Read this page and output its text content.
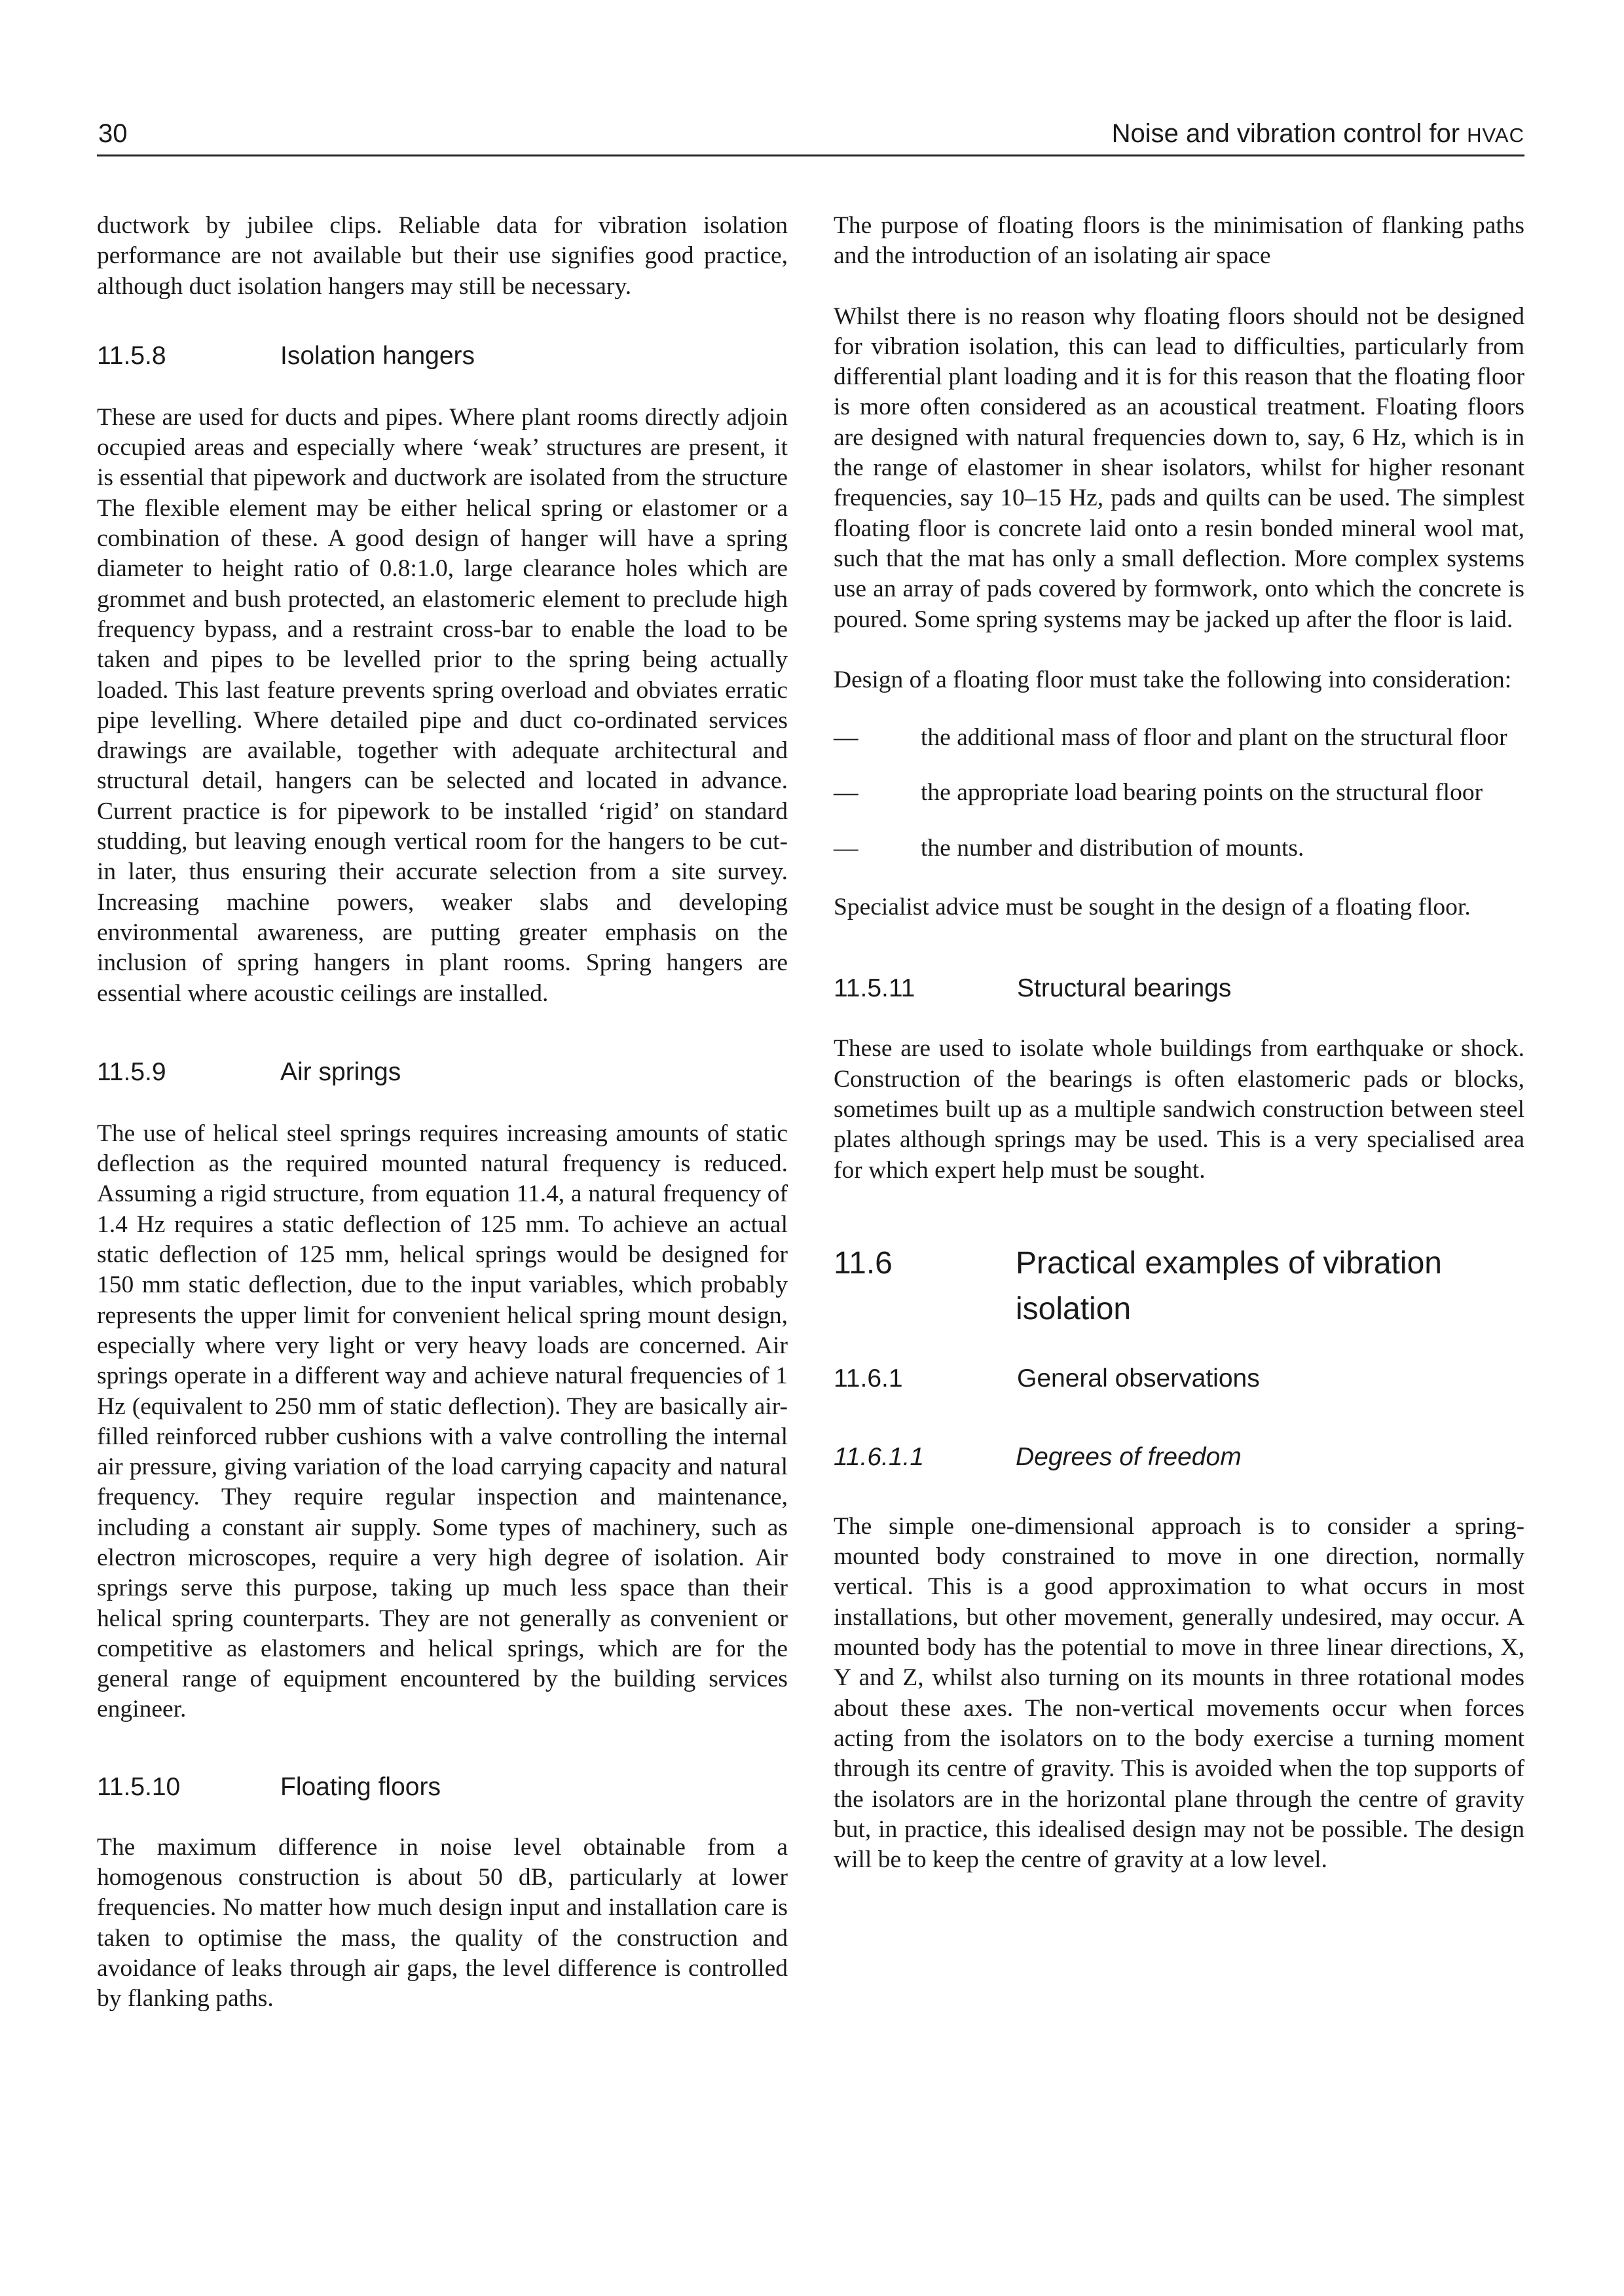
30	Noise and vibration control for HVAC

ductwork by jubilee clips. Reliable data for vibration isolation performance are not available but their use signifies good practice, although duct isolation hangers may still be necessary.

11.5.8	Isolation hangers

These are used for ducts and pipes. Where plant rooms directly adjoin occupied areas and especially where ‘weak’ structures are present, it is essential that pipework and ductwork are isolated from the structure The flexible element may be either helical spring or elastomer or a combination of these. A good design of hanger will have a spring diameter to height ratio of 0.8:1.0, large clearance holes which are grommet and bush protected, an elastomeric element to preclude high frequency bypass, and a restraint cross-bar to enable the load to be taken and pipes to be levelled prior to the spring being actually loaded. This last feature prevents spring overload and obviates erratic pipe levelling. Where detailed pipe and duct co-ordinated services drawings are available, together with adequate architectural and structural detail, hangers can be selected and located in advance. Current practice is for pipework to be installed ‘rigid’ on standard studding, but leaving enough vertical room for the hangers to be cut-in later, thus ensuring their accurate selection from a site survey. Increasing machine powers, weaker slabs and developing environmental awareness, are putting greater emphasis on the inclusion of spring hangers in plant rooms. Spring hangers are essential where acoustic ceilings are installed.

11.5.9	Air springs

The use of helical steel springs requires increasing amounts of static deflection as the required mounted natural frequency is reduced. Assuming a rigid structure, from equation 11.4, a natural frequency of 1.4 Hz requires a static deflection of 125 mm. To achieve an actual static deflection of 125 mm, helical springs would be designed for 150 mm static deflection, due to the input variables, which probably represents the upper limit for convenient helical spring mount design, especially where very light or very heavy loads are concerned. Air springs operate in a different way and achieve natural frequencies of 1 Hz (equivalent to 250 mm of static deflection). They are basically air-filled reinforced rubber cushions with a valve controlling the internal air pressure, giving variation of the load carrying capacity and natural frequency. They require regular inspection and maintenance, including a constant air supply. Some types of machinery, such as electron microscopes, require a very high degree of isolation. Air springs serve this purpose, taking up much less space than their helical spring counterparts. They are not generally as convenient or competitive as elastomers and helical springs, which are for the general range of equipment encountered by the building services engineer.

11.5.10	Floating floors

The maximum difference in noise level obtainable from a homogenous construction is about 50 dB, particularly at lower frequencies. No matter how much design input and installation care is taken to optimise the mass, the quality of the construction and avoidance of leaks through air gaps, the level difference is controlled by flanking paths.

The purpose of floating floors is the minimisation of flanking paths and the introduction of an isolating air space

Whilst there is no reason why floating floors should not be designed for vibration isolation, this can lead to difficulties, particularly from differential plant loading and it is for this reason that the floating floor is more often considered as an acoustical treatment. Floating floors are designed with natural frequencies down to, say, 6 Hz, which is in the range of elastomer in shear isolators, whilst for higher resonant frequencies, say 10–15 Hz, pads and quilts can be used. The simplest floating floor is concrete laid onto a resin bonded mineral wool mat, such that the mat has only a small deflection. More complex systems use an array of pads covered by formwork, onto which the concrete is poured. Some spring systems may be jacked up after the floor is laid.

Design of a floating floor must take the following into consideration:

—	the additional mass of floor and plant on the structural floor
—	the appropriate load bearing points on the structural floor
—	the number and distribution of mounts.

Specialist advice must be sought in the design of a floating floor.

11.5.11	Structural bearings

These are used to isolate whole buildings from earthquake or shock. Construction of the bearings is often elastomeric pads or blocks, sometimes built up as a multiple sandwich construction between steel plates although springs may be used. This is a very specialised area for which expert help must be sought.

11.6	Practical examples of vibration isolation
11.6.1	General observations
11.6.1.1	Degrees of freedom

The simple one-dimensional approach is to consider a spring-mounted body constrained to move in one direction, normally vertical. This is a good approximation to what occurs in most installations, but other movement, generally undesired, may occur. A mounted body has the potential to move in three linear directions, X, Y and Z, whilst also turning on its mounts in three rotational modes about these axes. The non-vertical movements occur when forces acting from the isolators on to the body exercise a turning moment through its centre of gravity. This is avoided when the top supports of the isolators are in the horizontal plane through the centre of gravity but, in practice, this idealised design may not be possible. The design will be to keep the centre of gravity at a low level.
